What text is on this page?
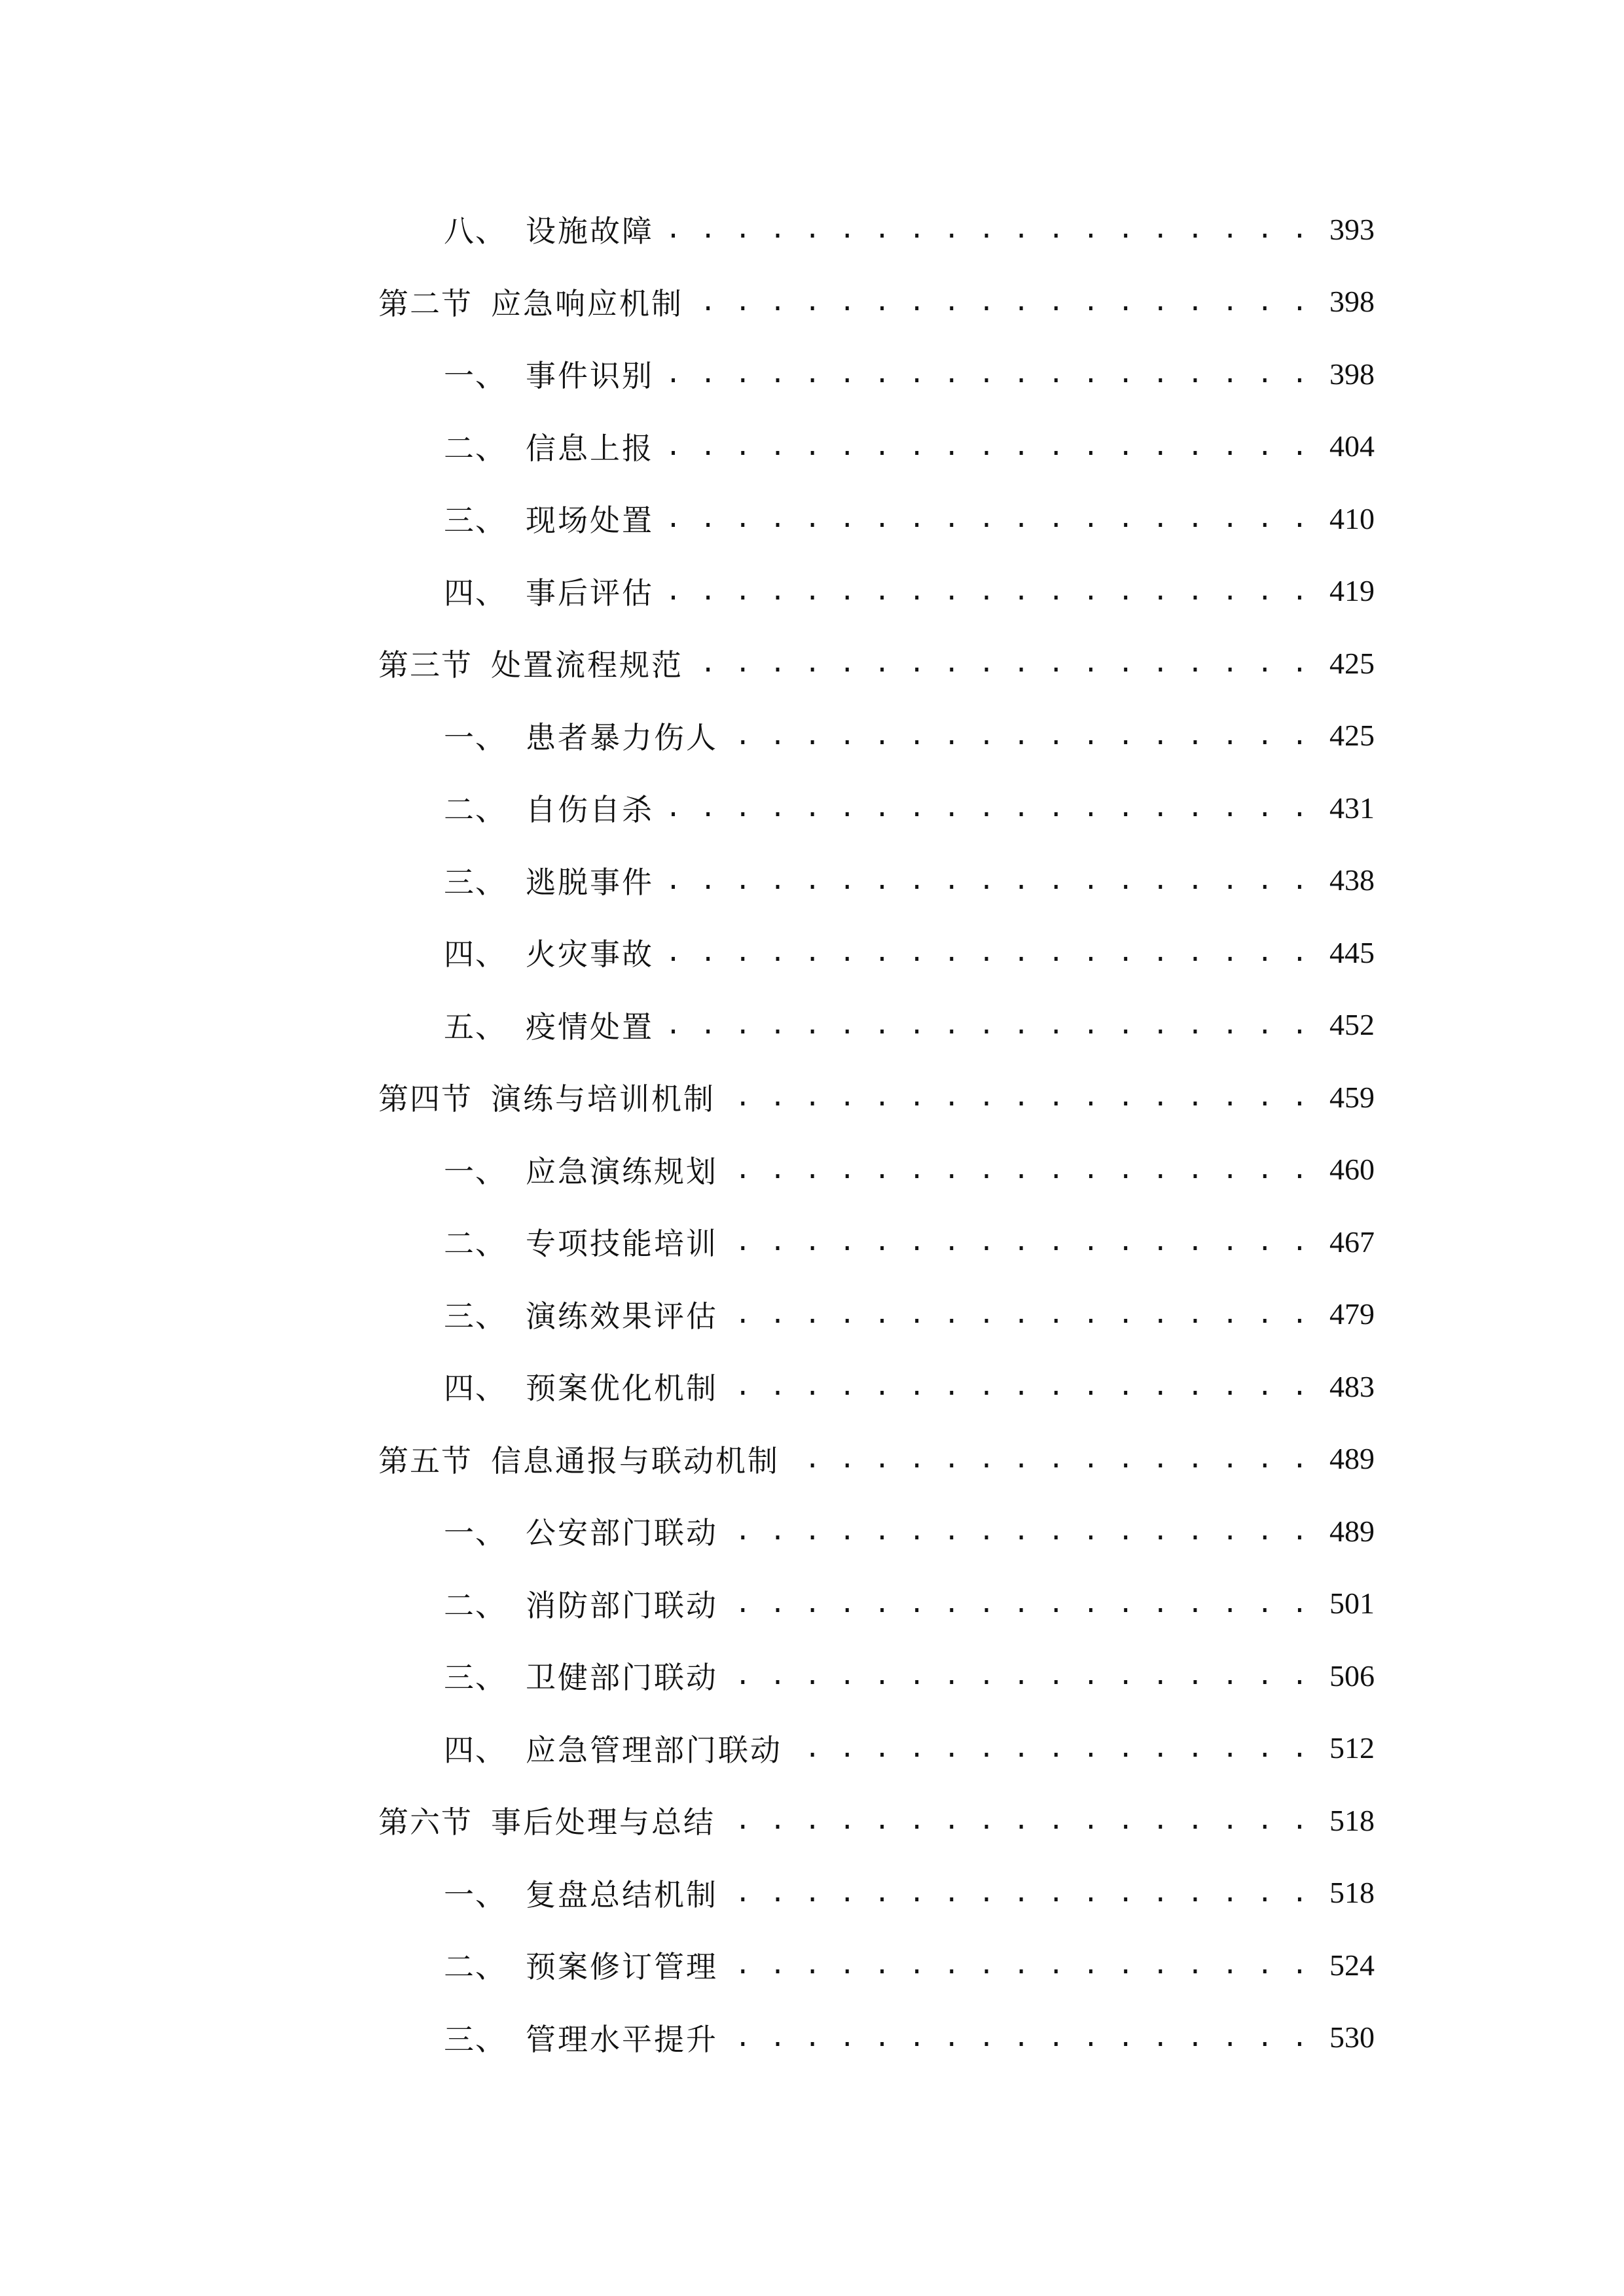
八、 设施故障 . . .	393
第二节 应急响应机制 . . .	398
一、 事件识别 . . .	398
二、 信息上报 . . .	404
三、 现场处置 . . .	410
四、 事后评估 . . .	419
第三节 处置流程规范 . . .	425
一、 患者暴力伤人 . . .	425
二、 自伤自杀 . . .	431
三、 逃脱事件 . . .	438
四、 火灾事故 . . .	445
五、 疫情处置 . . .	452
第四节 演练与培训机制 . . .	459
一、 应急演练规划 . . .	460
二、 专项技能培训 . . .	467
三、 演练效果评估 . . .	479
四、 预案优化机制 . . .	483
第五节 信息通报与联动机制 . . .	489
一、 公安部门联动 . . .	489
二、 消防部门联动 . . .	501
三、 卫健部门联动 . . .	506
四、 应急管理部门联动 . . .	512
第六节 事后处理与总结 . . .	518
一、 复盘总结机制 . . .	518
二、 预案修订管理 . . .	524
三、 管理水平提升 . . .	530
